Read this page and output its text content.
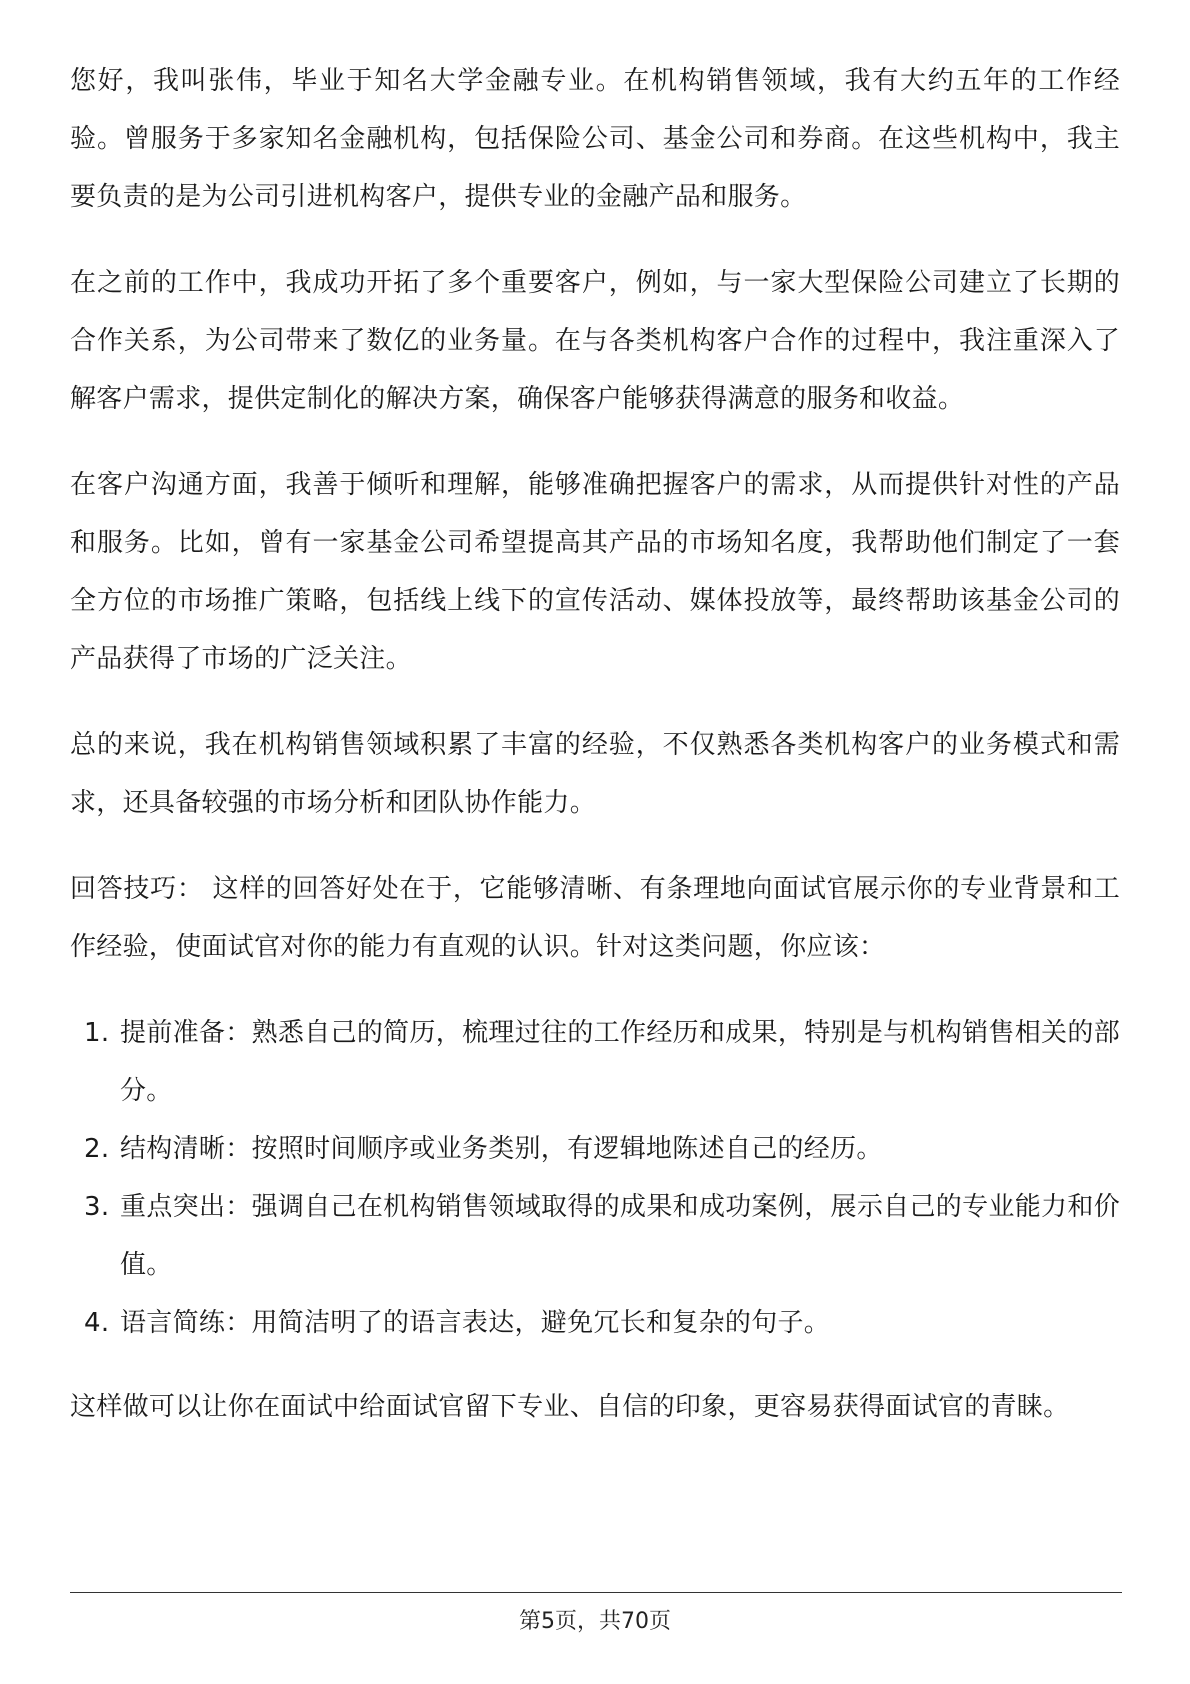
您好，我叫张伟，毕业于知名大学金融专业。在机构销售领域，我有大约五年的工作经验。曾服务于多家知名金融机构，包括保险公司、基金公司和券商。在这些机构中，我主要负责的是为公司引进机构客户，提供专业的金融产品和服务。

在之前的工作中，我成功开拓了多个重要客户，例如，与一家大型保险公司建立了长期的合作关系，为公司带来了数亿的业务量。在与各类机构客户合作的过程中，我注重深入了解客户需求，提供定制化的解决方案，确保客户能够获得满意的服务和收益。

在客户沟通方面，我善于倾听和理解，能够准确把握客户的需求，从而提供针对性的产品和服务。比如，曾有一家基金公司希望提高其产品的市场知名度，我帮助他们制定了一套全方位的市场推广策略，包括线上线下的宣传活动、媒体投放等，最终帮助该基金公司的产品获得了市场的广泛关注。

总的来说，我在机构销售领域积累了丰富的经验，不仅熟悉各类机构客户的业务模式和需求，还具备较强的市场分析和团队协作能力。

回答技巧： 这样的回答好处在于，它能够清晰、有条理地向面试官展示你的专业背景和工作经验，使面试官对你的能力有直观的认识。针对这类问题，你应该：

1. 提前准备：熟悉自己的简历，梳理过往的工作经历和成果，特别是与机构销售相关的部分。
2. 结构清晰：按照时间顺序或业务类别，有逻辑地陈述自己的经历。
3. 重点突出：强调自己在机构销售领域取得的成果和成功案例，展示自己的专业能力和价值。
4. 语言简练：用简洁明了的语言表达，避免冗长和复杂的句子。

这样做可以让你在面试中给面试官留下专业、自信的印象，更容易获得面试官的青睐。

第5页，共70页
